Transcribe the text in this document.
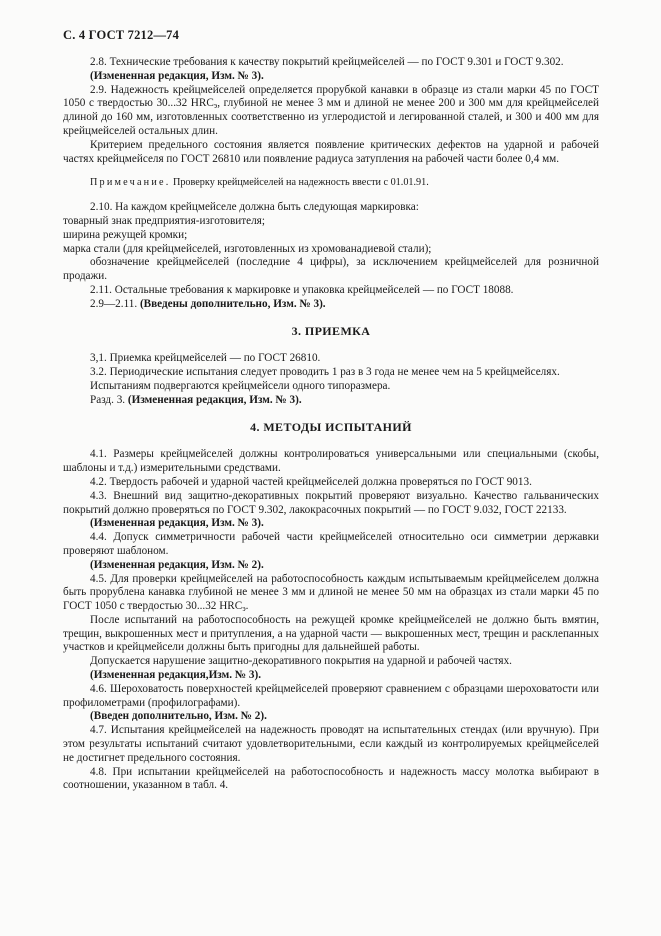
С. 4 ГОСТ 7212—74

2.8. Технические требования к качеству покрытий крейцмейселей — по ГОСТ 9.301 и ГОСТ 9.302.

(Измененная редакция, Изм. № 3).

2.9. Надежность крейцмейселей определяется прорубкой канавки в образце из стали марки 45 по ГОСТ 1050 с твердостью 30...32 $HRC_э$, глубиной не менее 3 мм и длиной не менее 200 и 300 мм для крейцмейселей длиной до 160 мм, изготовленных соответственно из углеродистой и легированной сталей, и 300 и 400 мм для крейцмейселей остальных длин.

Критерием предельного состояния является появление критических дефектов на ударной и рабочей частях крейцмейселя по ГОСТ 26810 или появление радиуса затупления на рабочей части более 0,4 мм.

Примечание. Проверку крейцмейселей на надежность ввести с 01.01.91.

2.10. На каждом крейцмейселе должна быть следующая маркировка:

товарный знак предприятия-изготовителя;

ширина режущей кромки;

марка стали (для крейцмейселей, изготовленных из хромованадиевой стали);

обозначение крейцмейселей (последние 4 цифры), за исключением крейцмейселей для розничной продажи.

2.11. Остальные требования к маркировке и упаковка крейцмейселей — по ГОСТ 18088.

2.9—2.11. (Введены дополнительно, Изм. № 3).

3. ПРИЕМКА

3,1. Приемка крейцмейселей — по ГОСТ 26810.

3.2. Периодические испытания следует проводить 1 раз в 3 года не менее чем на 5 крейцмейселях.

Испытаниям подвергаются крейцмейсели одного типоразмера.

Разд. 3. (Измененная редакция, Изм. № 3).

4. МЕТОДЫ ИСПЫТАНИЙ

4.1. Размеры крейцмейселей должны контролироваться универсальными или специальными (скобы, шаблоны и т.д.) измерительными средствами.

4.2. Твердость рабочей и ударной частей крейцмейселей должна проверяться по ГОСТ 9013.

4.3. Внешний вид защитно-декоративных покрытий проверяют визуально. Качество гальванических покрытий должно проверяться по ГОСТ 9.302, лакокрасочных покрытий — по ГОСТ 9.032, ГОСТ 22133.

(Измененная редакция, Изм. № 3).

4.4. Допуск симметричности рабочей части крейцмейселей относительно оси симметрии державки проверяют шаблоном.

(Измененная редакция, Изм. № 2).

4.5. Для проверки крейцмейселей на работоспособность каждым испытываемым крейцмейселем должна быть прорублена канавка глубиной не менее 3 мм и длиной не менее 50 мм на образцах из стали марки 45 по ГОСТ 1050 с твердостью 30...32 $HRC_э$.

После испытаний на работоспособность на режущей кромке крейцмейселей не должно быть вмятин, трещин, выкрошенных мест и притупления, а на ударной части — выкрошенных мест, трещин и расклепанных участков и крейцмейсели должны быть пригодны для дальнейшей работы.

Допускается нарушение защитно-декоративного покрытия на ударной и рабочей частях.

(Измененная редакция,Изм. № 3).

4.6. Шероховатость поверхностей крейцмейселей проверяют сравнением с образцами шероховатости или профилометрами (профилографами).

(Введен дополнительно, Изм. № 2).

4.7. Испытания крейцмейселей на надежность проводят на испытательных стендах (или вручную). При этом результаты испытаний считают удовлетворительными, если каждый из контролируемых крейцмейселей не достигнет предельного состояния.

4.8. При испытании крейцмейселей на работоспособность и надежность массу молотка выбирают в соотношении, указанном в табл. 4.
